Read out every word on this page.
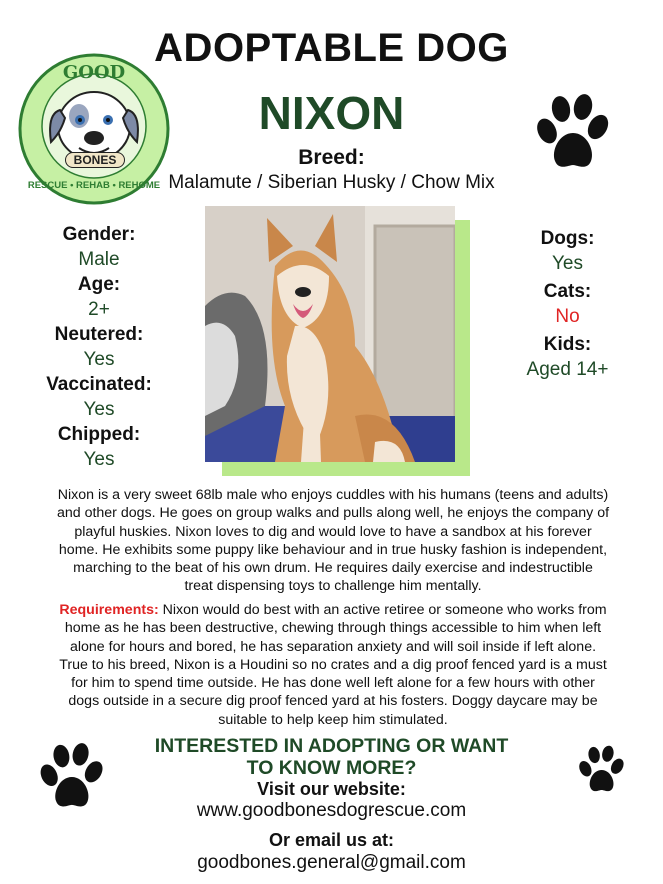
GOOD
BONES
RESCUE • REHAB • REHOME
ADOPTABLE DOG
NIXON
Breed:
Malamute / Siberian Husky / Chow Mix
Gender:
Male
Age:
2+
Neutered:
Yes
Vaccinated:
Yes
Chipped:
Yes
Dogs:
Yes
Cats:
No
Kids:
Aged 14+
Nixon is a very sweet 68lb male who enjoys cuddles with his humans (teens and adults)
and other dogs. He goes on group walks and pulls along well, he enjoys the company of
playful huskies. Nixon loves to dig and would love to have a sandbox at his forever
home. He exhibits some puppy like behaviour and in true husky fashion is independent,
marching to the beat of his own drum. He requires daily exercise and indestructible
treat dispensing toys to challenge him mentally.
Requirements: Nixon would do best with an active retiree or someone who works from
home as he has been destructive, chewing through things accessible to him when left
alone for hours and bored, he has separation anxiety and will soil inside if left alone.
True to his breed, Nixon is a Houdini so no crates and a dig proof fenced yard is a must
for him to spend time outside. He has done well left alone for a few hours with other
dogs outside in a secure dig proof fenced yard at his fosters. Doggy daycare may be
suitable to help keep him stimulated.
INTERESTED IN ADOPTING OR WANT
TO KNOW MORE?
Visit our website:
www.goodbonesdogrescue.com
Or email us at:
goodbones.general@gmail.com
